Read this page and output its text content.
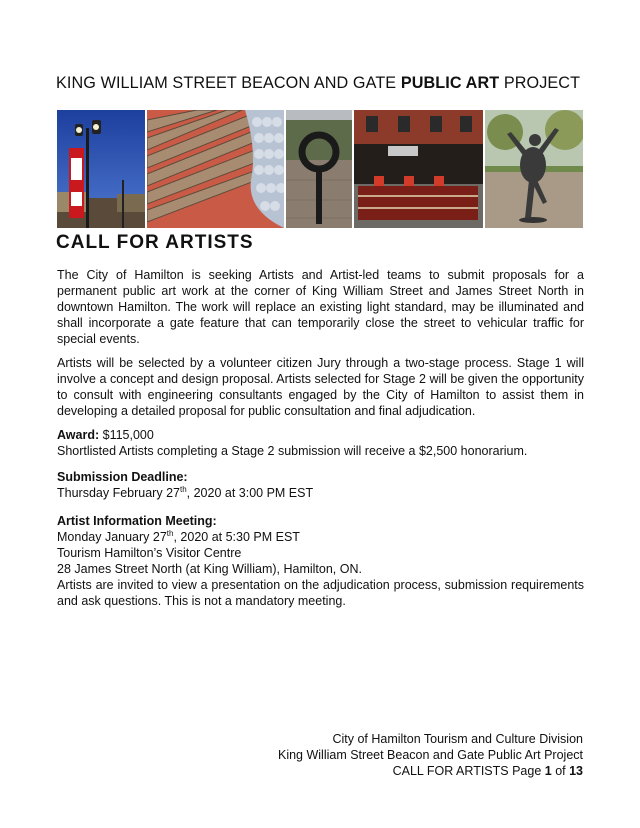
KING WILLIAM STREET BEACON AND GATE PUBLIC ART PROJECT
CALL FOR ARTISTS

The City of Hamilton is seeking Artists and Artist-led teams to submit proposals for a permanent public art work at the corner of King William Street and James Street North in downtown Hamilton. The work will replace an existing light standard, may be illuminated and shall incorporate a gate feature that can temporarily close the street to vehicular traffic for special events.

Artists will be selected by a volunteer citizen Jury through a two-stage process. Stage 1 will involve a concept and design proposal. Artists selected for Stage 2 will be given the opportunity to consult with engineering consultants engaged by the City of Hamilton to assist them in developing a detailed proposal for public consultation and final adjudication.

Award: $115,000
Shortlisted Artists completing a Stage 2 submission will receive a $2,500 honorarium.
Submission Deadline:
Thursday February 27th, 2020 at 3:00 PM EST
Artist Information Meeting:
Monday January 27th, 2020 at 5:30 PM EST
Tourism Hamilton’s Visitor Centre
28 James Street North (at King William), Hamilton, ON.
Artists are invited to view a presentation on the adjudication process, submission requirements and ask questions. This is not a mandatory meeting.
City of Hamilton Tourism and Culture Division
King William Street Beacon and Gate Public Art Project
CALL FOR ARTISTS Page 1 of 13
